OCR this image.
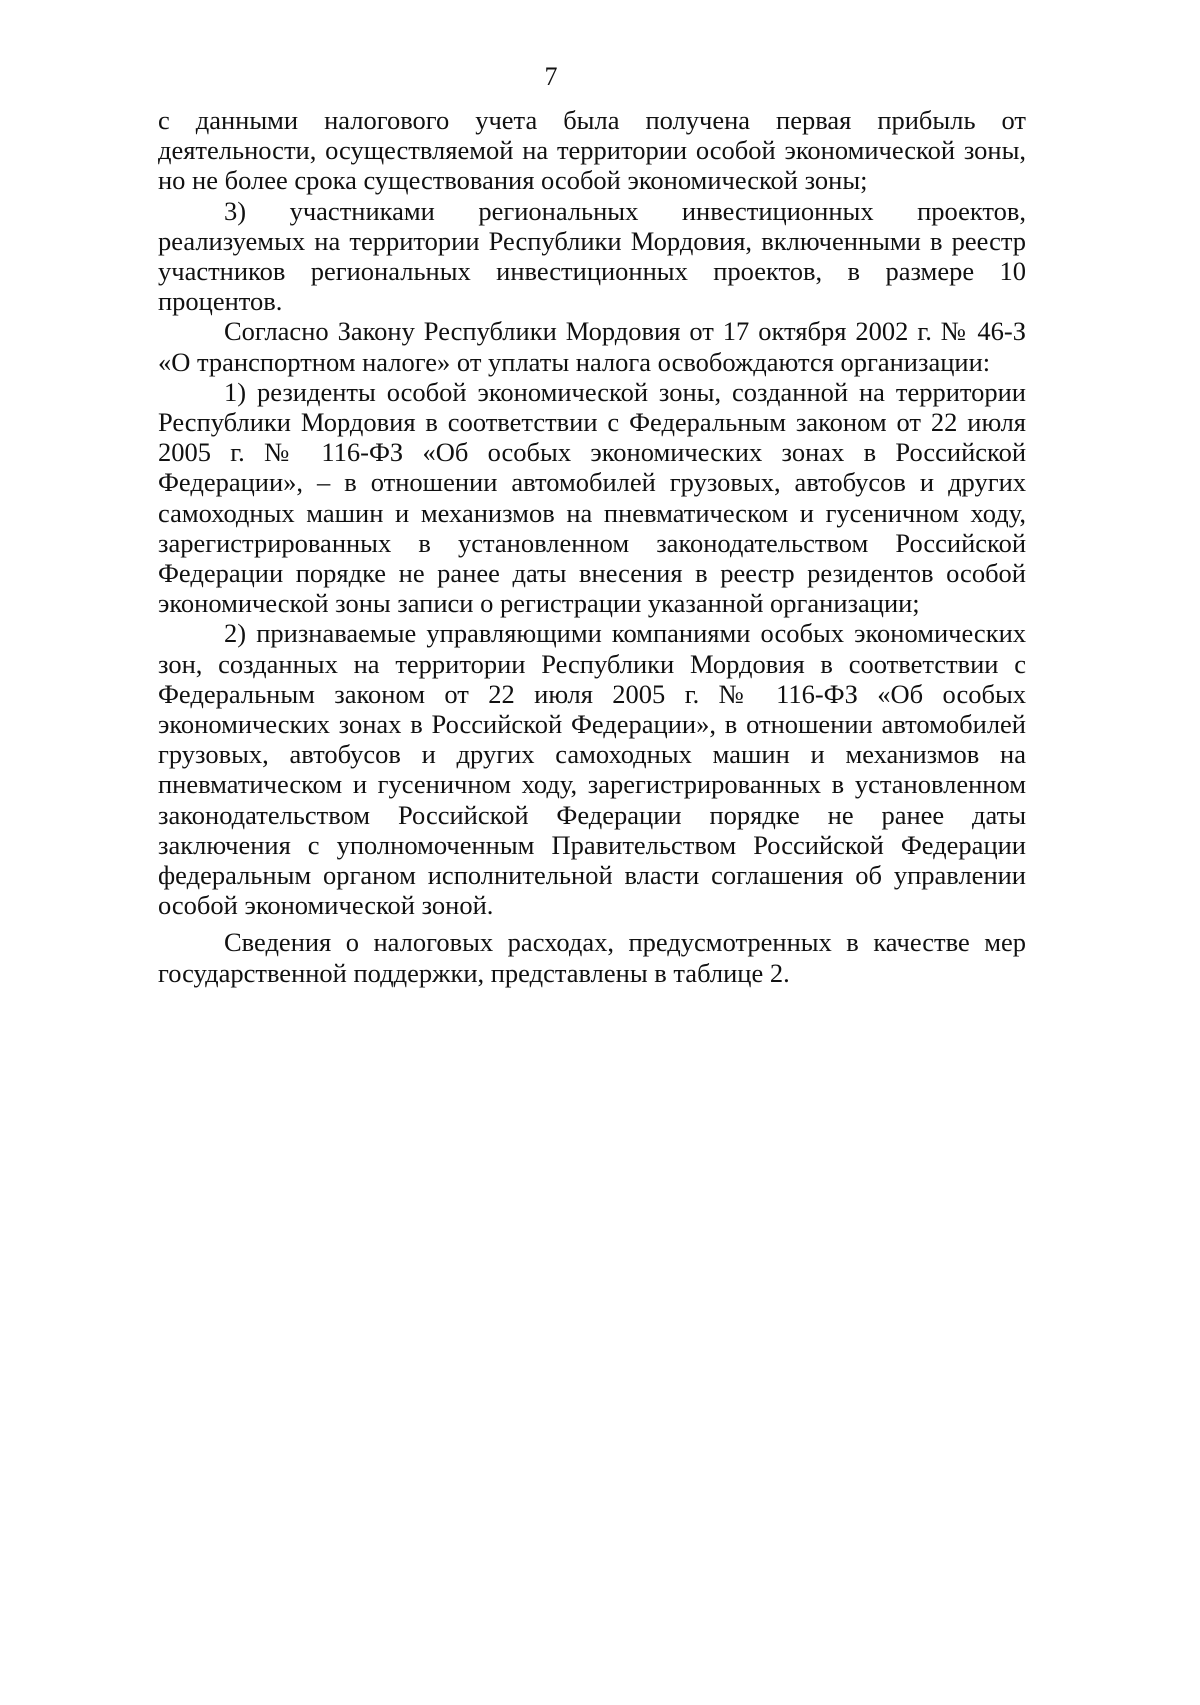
7

с данными налогового учета была получена первая прибыль от деятельности, осуществляемой на территории особой экономической зоны, но не более срока существования особой экономической зоны;

3) участниками региональных инвестиционных проектов, реализуемых на территории Республики Мордовия, включенными в реестр участников региональных инвестиционных проектов, в размере 10 процентов.

Согласно Закону Республики Мордовия от 17 октября 2002 г. № 46-З «О транспортном налоге» от уплаты налога освобождаются организации:

1) резиденты особой экономической зоны, созданной на территории Республики Мордовия в соответствии с Федеральным законом от 22 июля 2005 г. № 116-ФЗ «Об особых экономических зонах в Российской Федерации», – в отношении автомобилей грузовых, автобусов и других самоходных машин и механизмов на пневматическом и гусеничном ходу, зарегистрированных в установленном законодательством Российской Федерации порядке не ранее даты внесения в реестр резидентов особой экономической зоны записи о регистрации указанной организации;

2) признаваемые управляющими компаниями особых экономических зон, созданных на территории Республики Мордовия в соответствии с Федеральным законом от 22 июля 2005 г. № 116-ФЗ «Об особых экономических зонах в Российской Федерации», в отношении автомобилей грузовых, автобусов и других самоходных машин и механизмов на пневматическом и гусеничном ходу, зарегистрированных в установленном законодательством Российской Федерации порядке не ранее даты заключения с уполномоченным Правительством Российской Федерации федеральным органом исполнительной власти соглашения об управлении особой экономической зоной.

Сведения о налоговых расходах, предусмотренных в качестве мер государственной поддержки, представлены в таблице 2.
